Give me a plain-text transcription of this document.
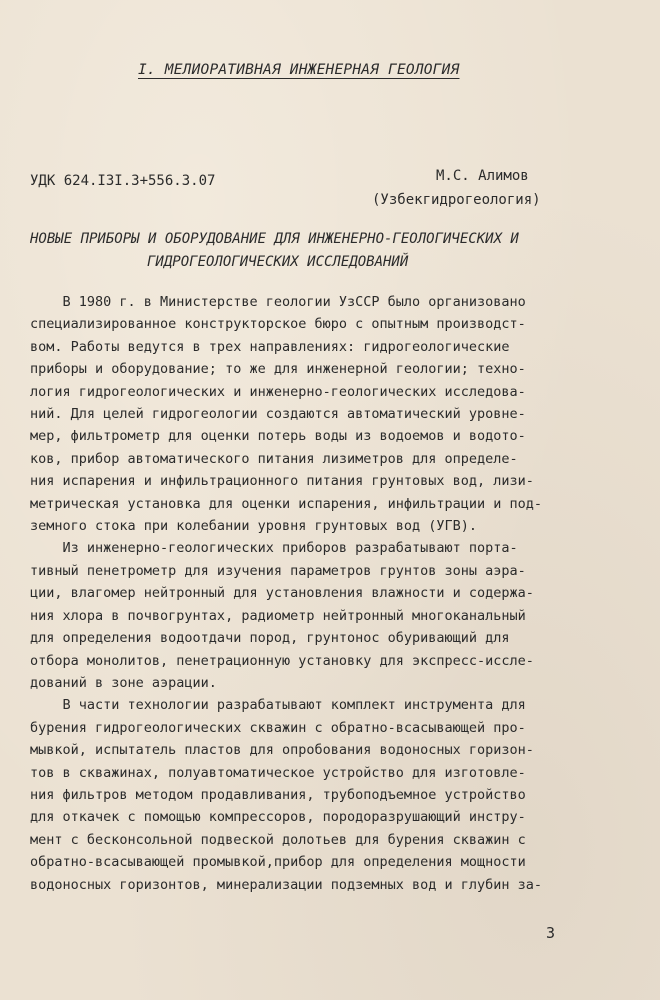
I. МЕЛИОРАТИВНАЯ ИНЖЕНЕРНАЯ ГЕОЛОГИЯ
УДК 624.I3I.3+556.3.07	М.С. Алимов
(Узбекгидрогеология)
НОВЫЕ ПРИБОРЫ И ОБОРУДОВАНИЕ ДЛЯ ИНЖЕНЕРНО-ГЕОЛОГИЧЕСКИХ И
ГИДРОГЕОЛОГИЧЕСКИХ ИССЛЕДОВАНИЙ
В 1980 г. в Министерстве геологии УзССР было организовано
специализированное конструкторское бюро с опытным производст-
вом. Работы ведутся в трех направлениях: гидрогеологические
приборы и оборудование; то же для инженерной геологии; техно-
логия гидрогеологических и инженерно-геологических исследова-
ний. Для целей гидрогеологии создаются автоматический уровне-
мер, фильтрометр для оценки потерь воды из водоемов и водото-
ков, прибор автоматического питания лизиметров для определе-
ния испарения и инфильтрационного питания грунтовых вод, лизи-
метрическая установка для оценки испарения, инфильтрации и под-
земного стока при колебании уровня грунтовых вод (УГВ).
Из инженерно-геологических приборов разрабатывают порта-
тивный пенетрометр для изучения параметров грунтов зоны аэра-
ции, влагомер нейтронный для установления влажности и содержа-
ния хлора в почвогрунтах, радиометр нейтронный многоканальный
для определения водоотдачи пород, грунтонос обуривающий для
отбора монолитов, пенетрационную установку для экспресс-иссле-
дований в зоне аэрации.
В части технологии разрабатывают комплект инструмента для
бурения гидрогеологических скважин с обратно-всасывающей про-
мывкой, испытатель пластов для опробования водоносных горизон-
тов в скважинах, полуавтоматическое устройство для изготовле-
ния фильтров методом продавливания, трубоподъемное устройство
для откачек с помощью компрессоров, породоразрушающий инстру-
мент с бесконсольной подвеской долотьев для бурения скважин с
обратно-всасывающей промывкой,прибор для определения мощности
водоносных горизонтов, минерализации подземных вод и глубин за-
3
